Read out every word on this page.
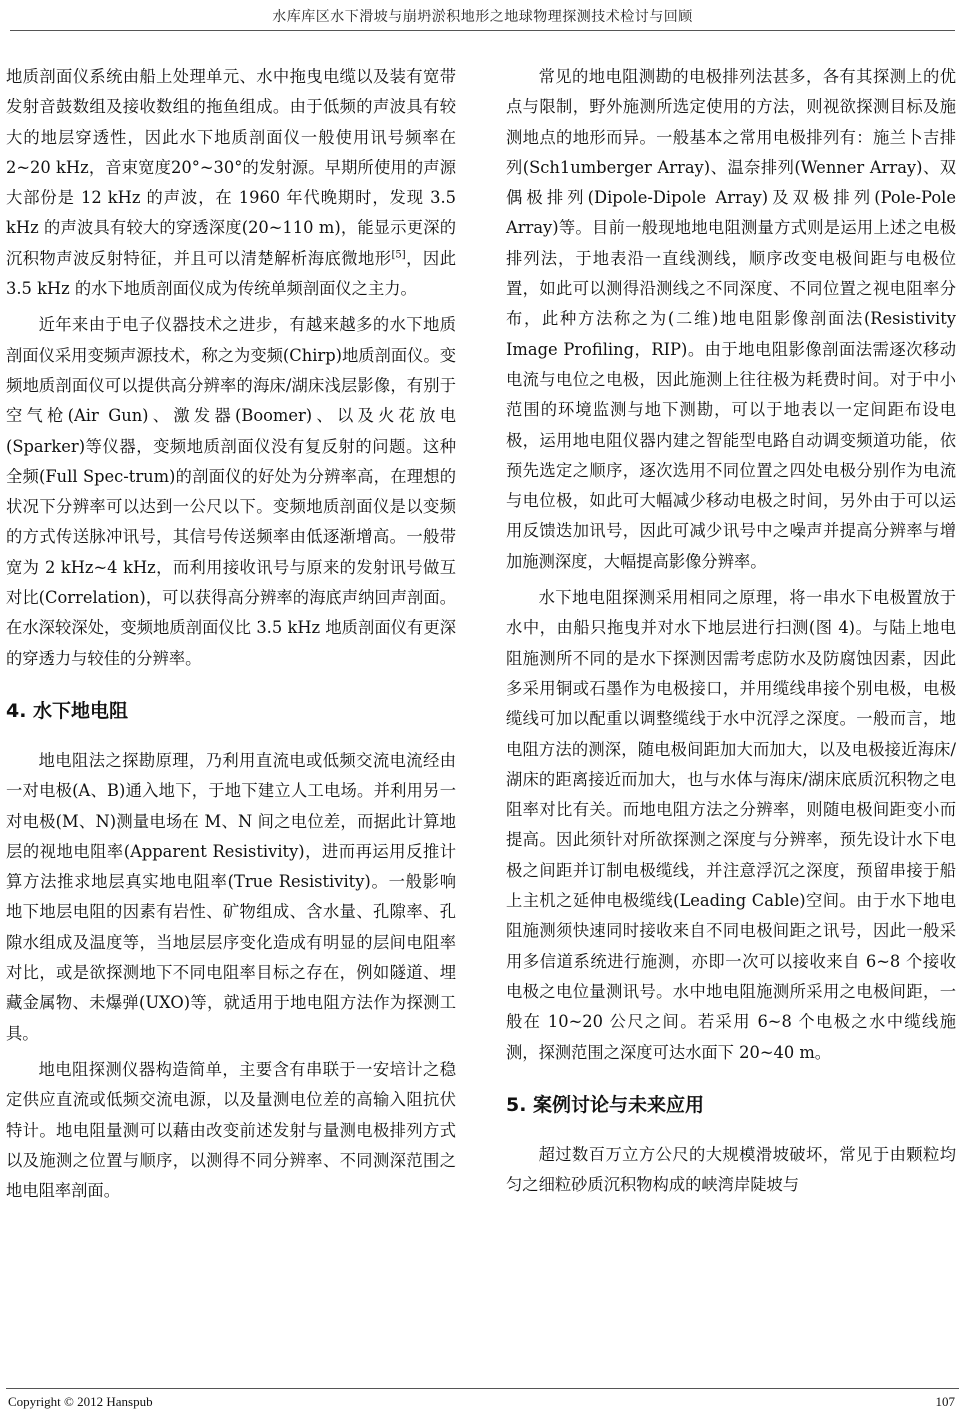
水库库区水下滑坡与崩坍淤积地形之地球物理探测技术检讨与回顾

地质剖面仪系统由船上处理单元、水中拖曳电缆以及装有宽带发射音鼓数组及接收数组的拖鱼组成。由于低频的声波具有较大的地层穿透性，因此水下地质剖面仪一般使用讯号频率在2~20 kHz，音束宽度20°~30°的发射源。早期所使用的声源大部份是 12 kHz 的声波，在 1960 年代晚期时，发现 3.5 kHz 的声波具有较大的穿透深度(20~110 m)，能显示更深的沉积物声波反射特征，并且可以清楚解析海底微地形[5]，因此 3.5 kHz 的水下地质剖面仪成为传统单频剖面仪之主力。

近年来由于电子仪器技术之进步，有越来越多的水下地质剖面仪采用变频声源技术，称之为变频(Chirp)地质剖面仪。变频地质剖面仪可以提供高分辨率的海床/湖床浅层影像，有别于空气枪(Air Gun)、激发器(Boomer)、以及火花放电(Sparker)等仪器，变频地质剖面仪没有复反射的问题。这种全频(Full Spec-trum)的剖面仪的好处为分辨率高，在理想的状况下分辨率可以达到一公尺以下。变频地质剖面仪是以变频的方式传送脉冲讯号，其信号传送频率由低逐渐增高。一般带宽为 2 kHz~4 kHz，而利用接收讯号与原来的发射讯号做互对比(Correlation)，可以获得高分辨率的海底声纳回声剖面。在水深较深处，变频地质剖面仪比 3.5 kHz 地质剖面仪有更深的穿透力与较佳的分辨率。

4. 水下地电阻

地电阻法之探勘原理，乃利用直流电或低频交流电流经由一对电极(A、B)通入地下，于地下建立人工电场。并利用另一对电极(M、N)测量电场在 M、N 间之电位差，而据此计算地层的视地电阻率(Apparent Resistivity)，进而再运用反推计算方法推求地层真实地电阻率(True Resistivity)。一般影响地下地层电阻的因素有岩性、矿物组成、含水量、孔隙率、孔隙水组成及温度等，当地层层序变化造成有明显的层间电阻率对比，或是欲探测地下不同电阻率目标之存在，例如隧道、埋藏金属物、未爆弹(UXO)等，就适用于地电阻方法作为探测工具。

地电阻探测仪器构造简单，主要含有串联于一安培计之稳定供应直流或低频交流电源，以及量测电位差的高输入阻抗伏特计。地电阻量测可以藉由改变前述发射与量测电极排列方式以及施测之位置与顺序，以测得不同分辨率、不同测深范围之地电阻率剖面。

常见的地电阻测勘的电极排列法甚多，各有其探测上的优点与限制，野外施测所选定使用的方法，则视欲探测目标及施测地点的地形而异。一般基本之常用电极排列有：施兰卜吉排列(Sch1umberger Array)、温奈排列(Wenner Array)、双偶极排列(Dipole-Dipole Array)及双极排列(Pole-Pole Array)等。目前一般现地地电阻测量方式则是运用上述之电极排列法，于地表沿一直线测线，顺序改变电极间距与电极位置，如此可以测得沿测线之不同深度、不同位置之视电阻率分布，此种方法称之为(二维)地电阻影像剖面法(Resistivity Image Profiling，RIP)。由于地电阻影像剖面法需逐次移动电流与电位之电极，因此施测上往往极为耗费时间。对于中小范围的环境监测与地下测勘，可以于地表以一定间距布设电极，运用地电阻仪器内建之智能型电路自动调变频道功能，依预先选定之顺序，逐次选用不同位置之四处电极分别作为电流与电位极，如此可大幅减少移动电极之时间，另外由于可以运用反馈迭加讯号，因此可减少讯号中之噪声并提高分辨率与增加施测深度，大幅提高影像分辨率。

水下地电阻探测采用相同之原理，将一串水下电极置放于水中，由船只拖曳并对水下地层进行扫测(图 4)。与陆上地电阻施测所不同的是水下探测因需考虑防水及防腐蚀因素，因此多采用铜或石墨作为电极接口，并用缆线串接个别电极，电极缆线可加以配重以调整缆线于水中沉浮之深度。一般而言，地电阻方法的测深，随电极间距加大而加大，以及电极接近海床/湖床的距离接近而加大，也与水体与海床/湖床底质沉积物之电阻率对比有关。而地电阻方法之分辨率，则随电极间距变小而提高。因此须针对所欲探测之深度与分辨率，预先设计水下电极之间距并订制电极缆线，并注意浮沉之深度，预留串接于船上主机之延伸电极缆线(Leading Cable)空间。由于水下地电阻施测须快速同时接收来自不同电极间距之讯号，因此一般采用多信道系统进行施测，亦即一次可以接收来自 6~8 个接收电极之电位量测讯号。水中地电阻施测所采用之电极间距，一般在 10~20 公尺之间。若采用 6~8 个电极之水中缆线施测，探测范围之深度可达水面下 20~40 m。

5. 案例讨论与未来应用

超过数百万立方公尺的大规模滑坡破坏，常见于由颗粒均匀之细粒砂质沉积物构成的峡湾岸陡坡与

Copyright © 2012 Hanspub	107
